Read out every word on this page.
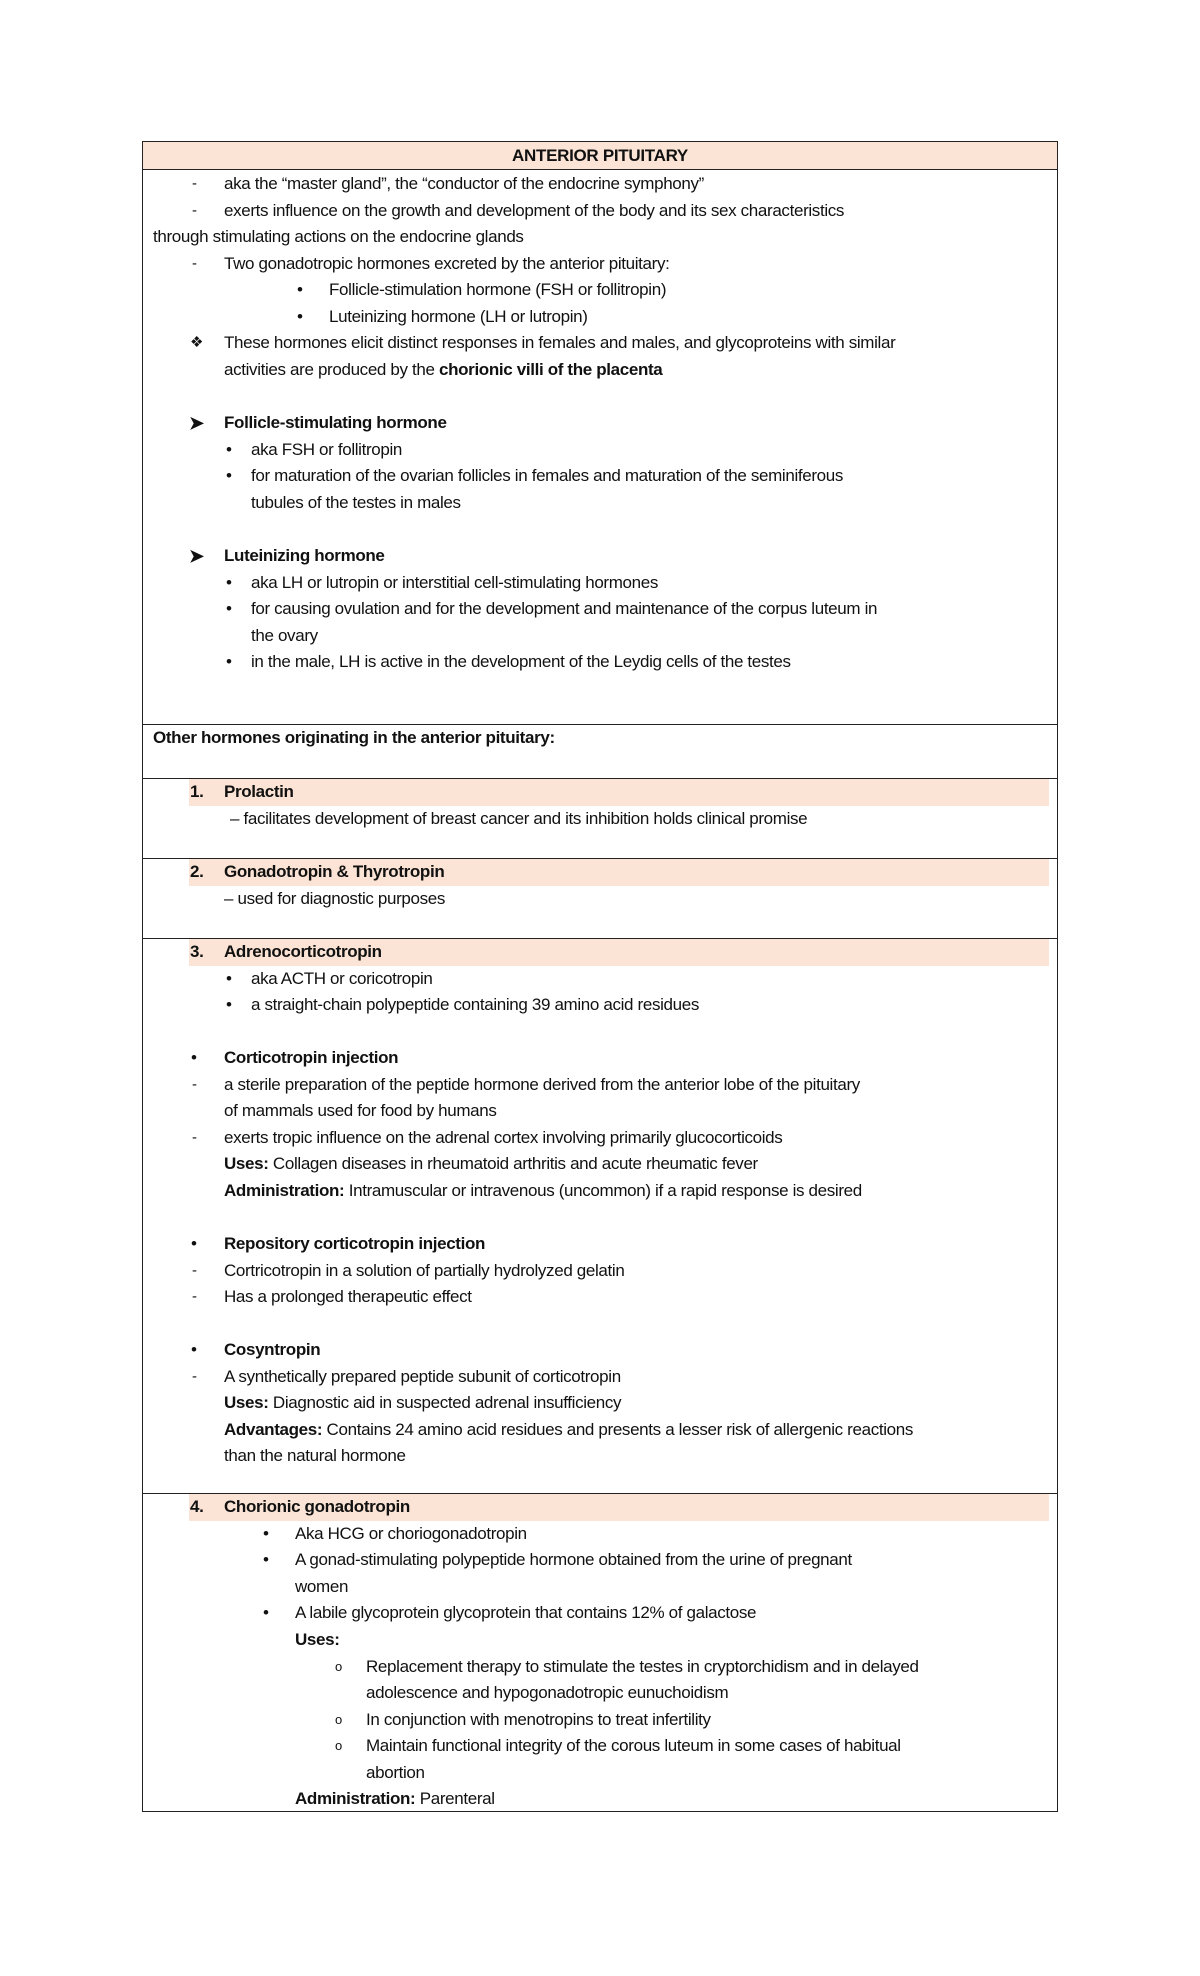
ANTERIOR PITUITARY
- aka the “master gland”, the “conductor of the endocrine symphony”
- exerts influence on the growth and development of the body and its sex characteristics
through stimulating actions on the endocrine glands
- Two gonadotropic hormones excreted by the anterior pituitary:
• Follicle-stimulation hormone (FSH or follitropin)
• Luteinizing hormone (LH or lutropin)
❖ These hormones elicit distinct responses in females and males, and glycoproteins with similar
activities are produced by the chorionic villi of the placenta
➤ Follicle-stimulating hormone
• aka FSH or follitropin
• for maturation of the ovarian follicles in females and maturation of the seminiferous
tubules of the testes in males
➤ Luteinizing hormone
• aka LH or lutropin or interstitial cell-stimulating hormones
• for causing ovulation and for the development and maintenance of the corpus luteum in
the ovary
• in the male, LH is active in the development of the Leydig cells of the testes
Other hormones originating in the anterior pituitary:
1. Prolactin
– facilitates development of breast cancer and its inhibition holds clinical promise
2. Gonadotropin & Thyrotropin
– used for diagnostic purposes
3. Adrenocorticotropin
• aka ACTH or coricotropin
• a straight-chain polypeptide containing 39 amino acid residues
• Corticotropin injection
- a sterile preparation of the peptide hormone derived from the anterior lobe of the pituitary
of mammals used for food by humans
- exerts tropic influence on the adrenal cortex involving primarily glucocorticoids
Uses: Collagen diseases in rheumatoid arthritis and acute rheumatic fever
Administration: Intramuscular or intravenous (uncommon) if a rapid response is desired
• Repository corticotropin injection
- Cortricotropin in a solution of partially hydrolyzed gelatin
- Has a prolonged therapeutic effect
• Cosyntropin
- A synthetically prepared peptide subunit of corticotropin
Uses: Diagnostic aid in suspected adrenal insufficiency
Advantages: Contains 24 amino acid residues and presents a lesser risk of allergenic reactions
than the natural hormone
4. Chorionic gonadotropin
• Aka HCG or choriogonadotropin
• A gonad-stimulating polypeptide hormone obtained from the urine of pregnant
women
• A labile glycoprotein glycoprotein that contains 12% of galactose
Uses:
o Replacement therapy to stimulate the testes in cryptorchidism and in delayed
adolescence and hypogonadotropic eunuchoidism
o In conjunction with menotropins to treat infertility
o Maintain functional integrity of the corous luteum in some cases of habitual
abortion
Administration: Parenteral
